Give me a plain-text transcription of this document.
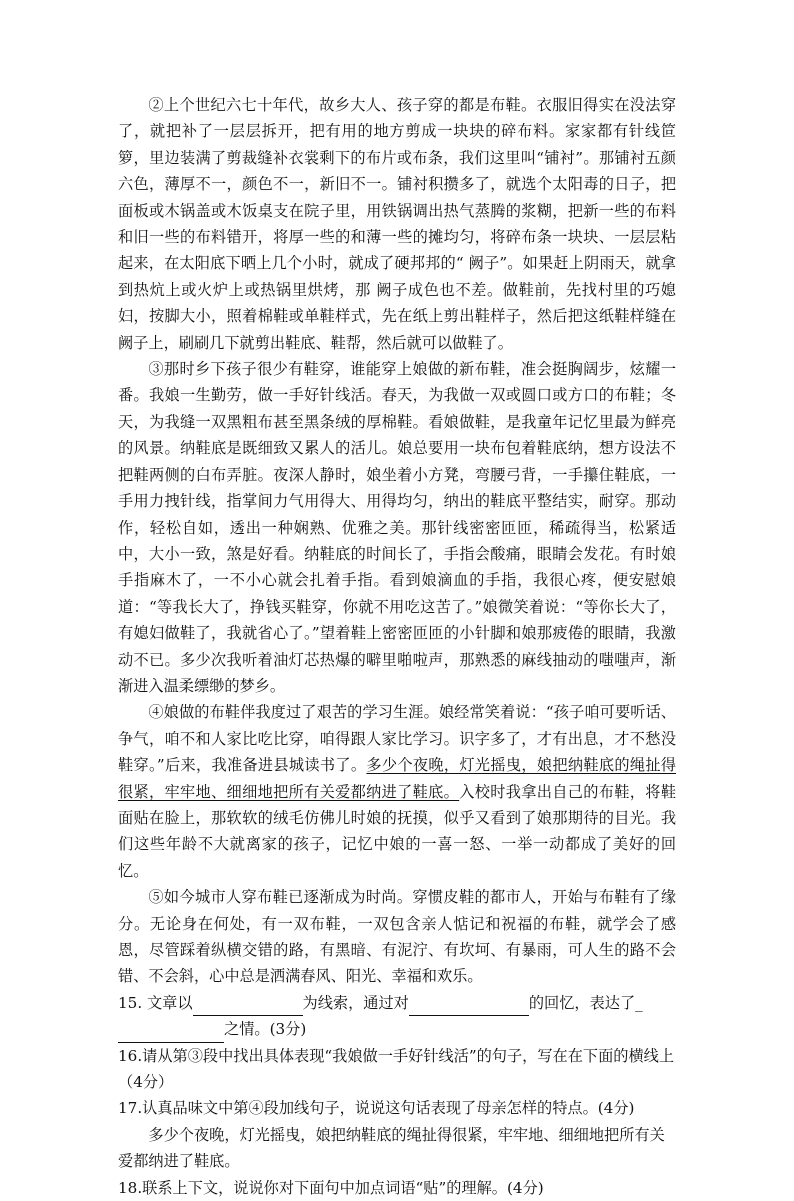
②上个世纪六七十年代，故乡大人、孩子穿的都是布鞋。衣服旧得实在没法穿了，就把补了一层层拆开，把有用的地方剪成一块块的碎布料。家家都有针线笸箩，里边装满了剪裁缝补衣裳剩下的布片或布条，我们这里叫“铺衬”。那铺衬五颜六色，薄厚不一，颜色不一，新旧不一。铺衬积攒多了，就选个太阳毒的日子，把面板或木锅盖或木饭桌支在院子里，用铁锅调出热气蒸腾的浆糊，把新一些的布料和旧一些的布料错开，将厚一些的和薄一些的摊均匀，将碎布条一块块、一层层粘起来，在太阳底下晒上几个小时，就成了硬邦邦的“ 阙子”。如果赶上阴雨天，就拿到热炕上或火炉上或热锅里烘烤，那 阙子成色也不差。做鞋前，先找村里的巧媳妇，按脚大小，照着棉鞋或单鞋样式，先在纸上剪出鞋样子，然后把这纸鞋样缝在 阙子上，刷刷几下就剪出鞋底、鞋帮，然后就可以做鞋了。

③那时乡下孩子很少有鞋穿，谁能穿上娘做的新布鞋，准会挺胸阔步，炫耀一番。我娘一生勤劳，做一手好针线活。春天，为我做一双或圆口或方口的布鞋；冬天，为我缝一双黑粗布甚至黑条绒的厚棉鞋。看娘做鞋，是我童年记忆里最为鲜亮的风景。纳鞋底是既细致又累人的活儿。娘总要用一块布包着鞋底纳，想方设法不把鞋两侧的白布弄脏。夜深人静时，娘坐着小方凳，弯腰弓背，一手攥住鞋底，一手用力拽针线，指掌间力气用得大、用得均匀，纳出的鞋底平整结实，耐穿。那动作，轻松自如，透出一种娴熟、优雅之美。那针线密密匝匝，稀疏得当，松紧适中，大小一致，煞是好看。纳鞋底的时间长了，手指会酸痛，眼睛会发花。有时娘手指麻木了，一不小心就会扎着手指。看到娘滴血的手指，我很心疼，便安慰娘道：“等我长大了，挣钱买鞋穿，你就不用吃这苦了。”娘微笑着说：“等你长大了，有媳妇做鞋了，我就省心了。”望着鞋上密密匝匝的小针脚和娘那疲倦的眼睛，我激动不已。多少次我听着油灯芯热爆的噼里啪啦声，那熟悉的麻线抽动的嗤嗤声，渐渐进入温柔缥缈的梦乡。

④娘做的布鞋伴我度过了艰苦的学习生涯。娘经常笑着说：“孩子咱可要听话、争气，咱不和人家比吃比穿，咱得跟人家比学习。识字多了，才有出息，才不愁没鞋穿。”后来，我准备进县城读书了。多少个夜晚，灯光摇曳，娘把纳鞋底的绳扯得很紧，牢牢地、细细地把所有关爱都纳进了鞋底。入校时我拿出自己的布鞋，将鞋面贴在脸上，那软软的绒毛仿佛儿时娘的抚摸，似乎又看到了娘那期待的目光。我们这些年龄不大就离家的孩子，记忆中娘的一喜一怒、一举一动都成了美好的回忆。

⑤如今城市人穿布鞋已逐渐成为时尚。穿惯皮鞋的都市人，开始与布鞋有了缘分。无论身在何处，有一双布鞋，一双包含亲人惦记和祝福的布鞋，就学会了感恩，尽管踩着纵横交错的路，有黑暗、有泥泞、有坎坷、有暴雨，可人生的路不会错、不会斜，心中总是洒满春风、阳光、幸福和欢乐。

15. 文章以	为线索，通过对	的回忆，表达了_
之情。(3分)

16.请从第③段中找出具体表现“我娘做一手好针线活”的句子，写在在下面的横线上（4分）

17.认真品味文中第④段加线句子，说说这句话表现了母亲怎样的特点。(4分)

多少个夜晚，灯光摇曳，娘把纳鞋底的绳扯得很紧，牢牢地、细细地把所有关爱都纳进了鞋底。

18.联系上下文，说说你对下面句中加点词语“贴”的理解。(4分)
